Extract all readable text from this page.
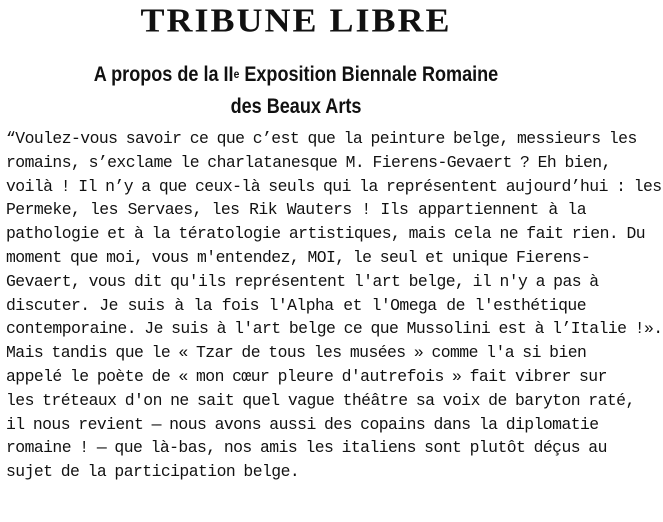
TRIBUNE LIBRE
A propos de la IIe Exposition Biennale Romaine
des Beaux Arts
“Voulez-vous savoir ce que c’est que la peinture belge, messieurs les
romains, s’exclame le charlatanesque M. Fierens-Gevaert ? Eh bien,
voilà ! Il n’y a que ceux-là seuls qui la représentent aujourd’hui : les
Permeke, les Servaes, les Rik Wauters ! Ils appartiennent à la
pathologie et à la tératologie artistiques, mais cela ne fait rien. Du
moment que moi, vous m'entendez, MOI, le seul et unique Fierens-
Gevaert, vous dit qu'ils représentent l'art belge, il n'y a pas à
discuter. Je suis à la fois l'Alpha et l'Omega de l'esthétique
contemporaine. Je suis à l'art belge ce que Mussolini est à l’Italie !».
Mais tandis que le « Tzar de tous les musées » comme l'a si bien
appelé le poète de « mon cœur pleure d'autrefois » fait vibrer sur
les tréteaux d'on ne sait quel vague théâtre sa voix de baryton raté,
il nous revient — nous avons aussi des copains dans la diplomatie
romaine ! — que là-bas, nos amis les italiens sont plutôt déçus au
sujet de la participation belge.
